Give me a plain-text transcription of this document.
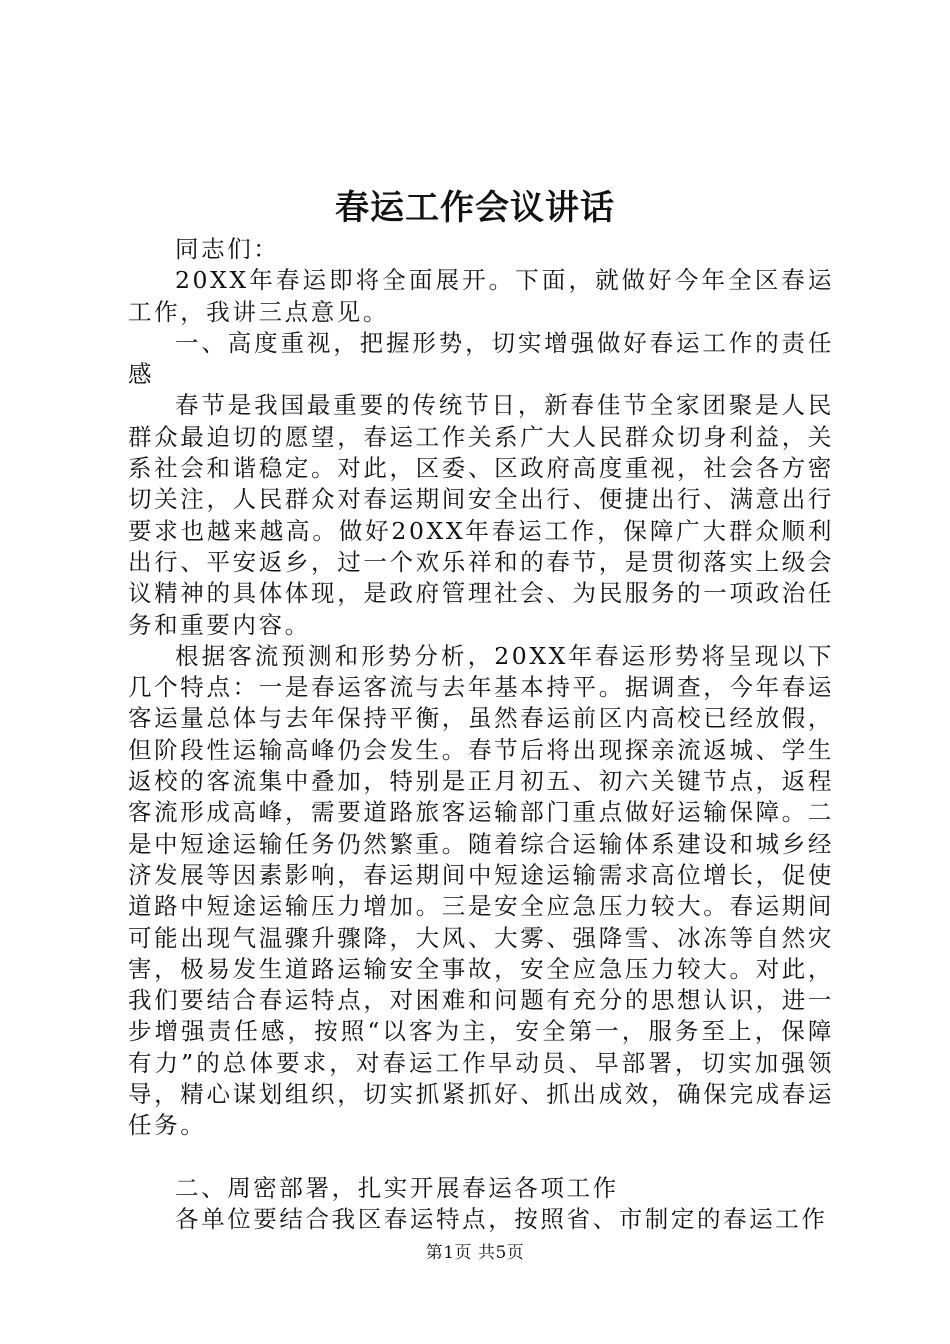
春运工作会议讲话

同志们：

20XX年春运即将全面展开。下面，就做好今年全区春运工作，我讲三点意见。

一、高度重视，把握形势，切实增强做好春运工作的责任感

春节是我国最重要的传统节日，新春佳节全家团聚是人民群众最迫切的愿望，春运工作关系广大人民群众切身利益，关系社会和谐稳定。对此，区委、区政府高度重视，社会各方密切关注，人民群众对春运期间安全出行、便捷出行、满意出行要求也越来越高。做好20XX年春运工作，保障广大群众顺利出行、平安返乡，过一个欢乐祥和的春节，是贯彻落实上级会议精神的具体体现，是政府管理社会、为民服务的一项政治任务和重要内容。

根据客流预测和形势分析，20XX年春运形势将呈现以下几个特点：一是春运客流与去年基本持平。据调查，今年春运客运量总体与去年保持平衡，虽然春运前区内高校已经放假，但阶段性运输高峰仍会发生。春节后将出现探亲流返城、学生返校的客流集中叠加，特别是正月初五、初六关键节点，返程客流形成高峰，需要道路旅客运输部门重点做好运输保障。二是中短途运输任务仍然繁重。随着综合运输体系建设和城乡经济发展等因素影响，春运期间中短途运输需求高位增长，促使道路中短途运输压力增加。三是安全应急压力较大。春运期间可能出现气温骤升骤降，大风、大雾、强降雪、冰冻等自然灾害，极易发生道路运输安全事故，安全应急压力较大。对此，我们要结合春运特点，对困难和问题有充分的思想认识，进一步增强责任感，按照“以客为主，安全第一，服务至上，保障有力”的总体要求，对春运工作早动员、早部署，切实加强领导，精心谋划组织，切实抓紧抓好、抓出成效，确保完成春运任务。

二、周密部署，扎实开展春运各项工作

各单位要结合我区春运特点，按照省、市制定的春运工作

第1页 共5页
